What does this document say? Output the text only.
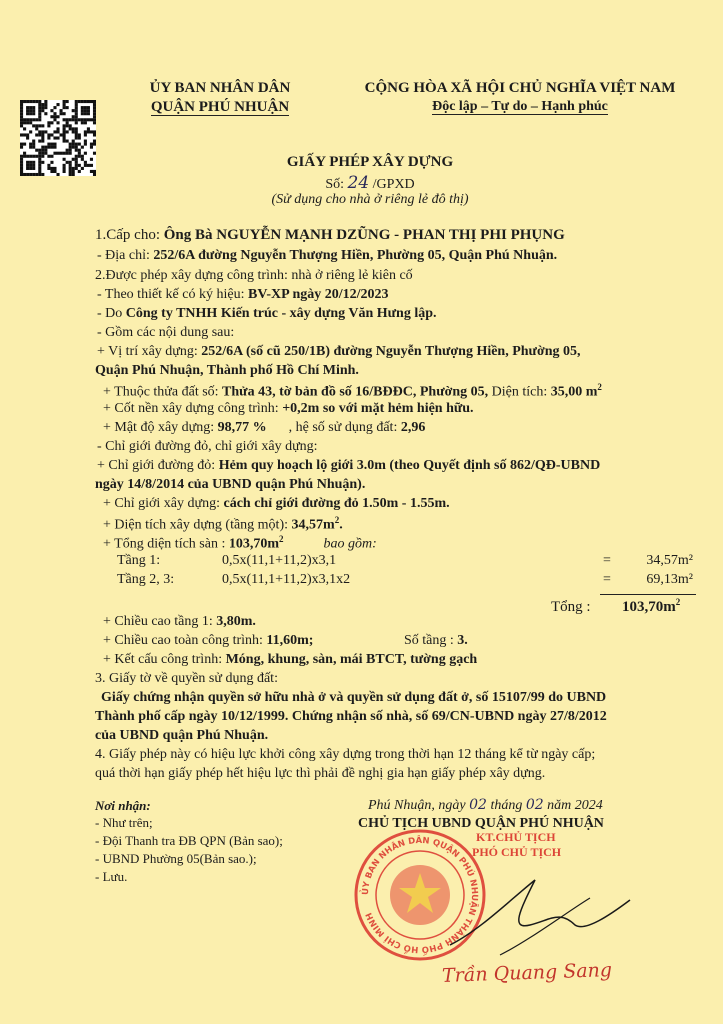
ỦY BAN NHÂN DÂN
QUẬN PHÚ NHUẬN
CỘNG HÒA XÃ HỘI CHỦ NGHĨA VIỆT NAM
Độc lập – Tự do – Hạnh phúc
GIẤY PHÉP XÂY DỰNG
Số: 24 /GPXD
(Sử dụng cho nhà ở riêng lẻ đô thị)
1.Cấp cho: Ông Bà NGUYỄN MẠNH DZŨNG - PHAN THỊ PHI PHỤNG
- Địa chỉ: 252/6A đường Nguyễn Thượng Hiền, Phường 05, Quận Phú Nhuận.
2.Được phép xây dựng công trình: nhà ở riêng lẻ kiên cố
- Theo thiết kế có ký hiệu: BV-XP ngày 20/12/2023
- Do Công ty TNHH Kiến trúc - xây dựng Văn Hưng lập.
- Gồm các nội dung sau:
+ Vị trí xây dựng: 252/6A (số cũ 250/1B) đường Nguyễn Thượng Hiền, Phường 05,
Quận Phú Nhuận, Thành phố Hồ Chí Minh.
+ Thuộc thửa đất số: Thửa 43, tờ bản đồ số 16/BĐĐC, Phường 05, Diện tích: 35,00 $m^2$
+ Cốt nền xây dựng công trình: +0,2m so với mặt hẻm hiện hữu.
+ Mật độ xây dựng: 98,77 % , hệ số sử dụng đất: 2,96
- Chỉ giới đường đỏ, chỉ giới xây dựng:
+ Chỉ giới đường đỏ: Hẻm quy hoạch lộ giới 3.0m (theo Quyết định số 862/QĐ-UBND
ngày 14/8/2014 của UBND quận Phú Nhuận).
+ Chỉ giới xây dựng: cách chỉ giới đường đỏ 1.50m - 1.55m.
+ Diện tích xây dựng (tầng một): $34,57m^2$.
+ Tổng diện tích sàn : $103,70m^2$	bao gồm:
Tầng 1:	0,5x(11,1+11,2)x3,1	=	34,57m²
Tầng 2, 3:	0,5x(11,1+11,2)x3,1x2	=	69,13m²
Tổng : $103,70m^2$
+ Chiều cao tầng 1: 3,80m.
+ Chiều cao toàn công trình: 11,60m;	Số tầng : 3.
+ Kết cấu công trình: Móng, khung, sàn, mái BTCT, tường gạch
3. Giấy tờ về quyền sử dụng đất:
Giấy chứng nhận quyền sở hữu nhà ở và quyền sử dụng đất ở, số 15107/99 do UBND
Thành phố cấp ngày 10/12/1999. Chứng nhận số nhà, số 69/CN-UBND ngày 27/8/2012
của UBND quận Phú Nhuận.
4. Giấy phép này có hiệu lực khởi công xây dựng trong thời hạn 12 tháng kể từ ngày cấp;
quá thời hạn giấy phép hết hiệu lực thì phải đề nghị gia hạn giấy phép xây dựng.
Nơi nhận:
- Như trên;
- Đội Thanh tra ĐB QPN (Bản sao);
- UBND Phường 05(Bản sao.);
- Lưu.
Phú Nhuận, ngày 02 tháng 02 năm 2024
CHỦ TỊCH UBND QUẬN PHÚ NHUẬN
ỦY BAN NHÂN DÂN QUẬN PHÚ NHUẬN THÀNH PHỐ HỒ CHÍ MINH
KT.CHỦ TỊCH
PHÓ CHỦ TỊCH
Trần Quang Sang
